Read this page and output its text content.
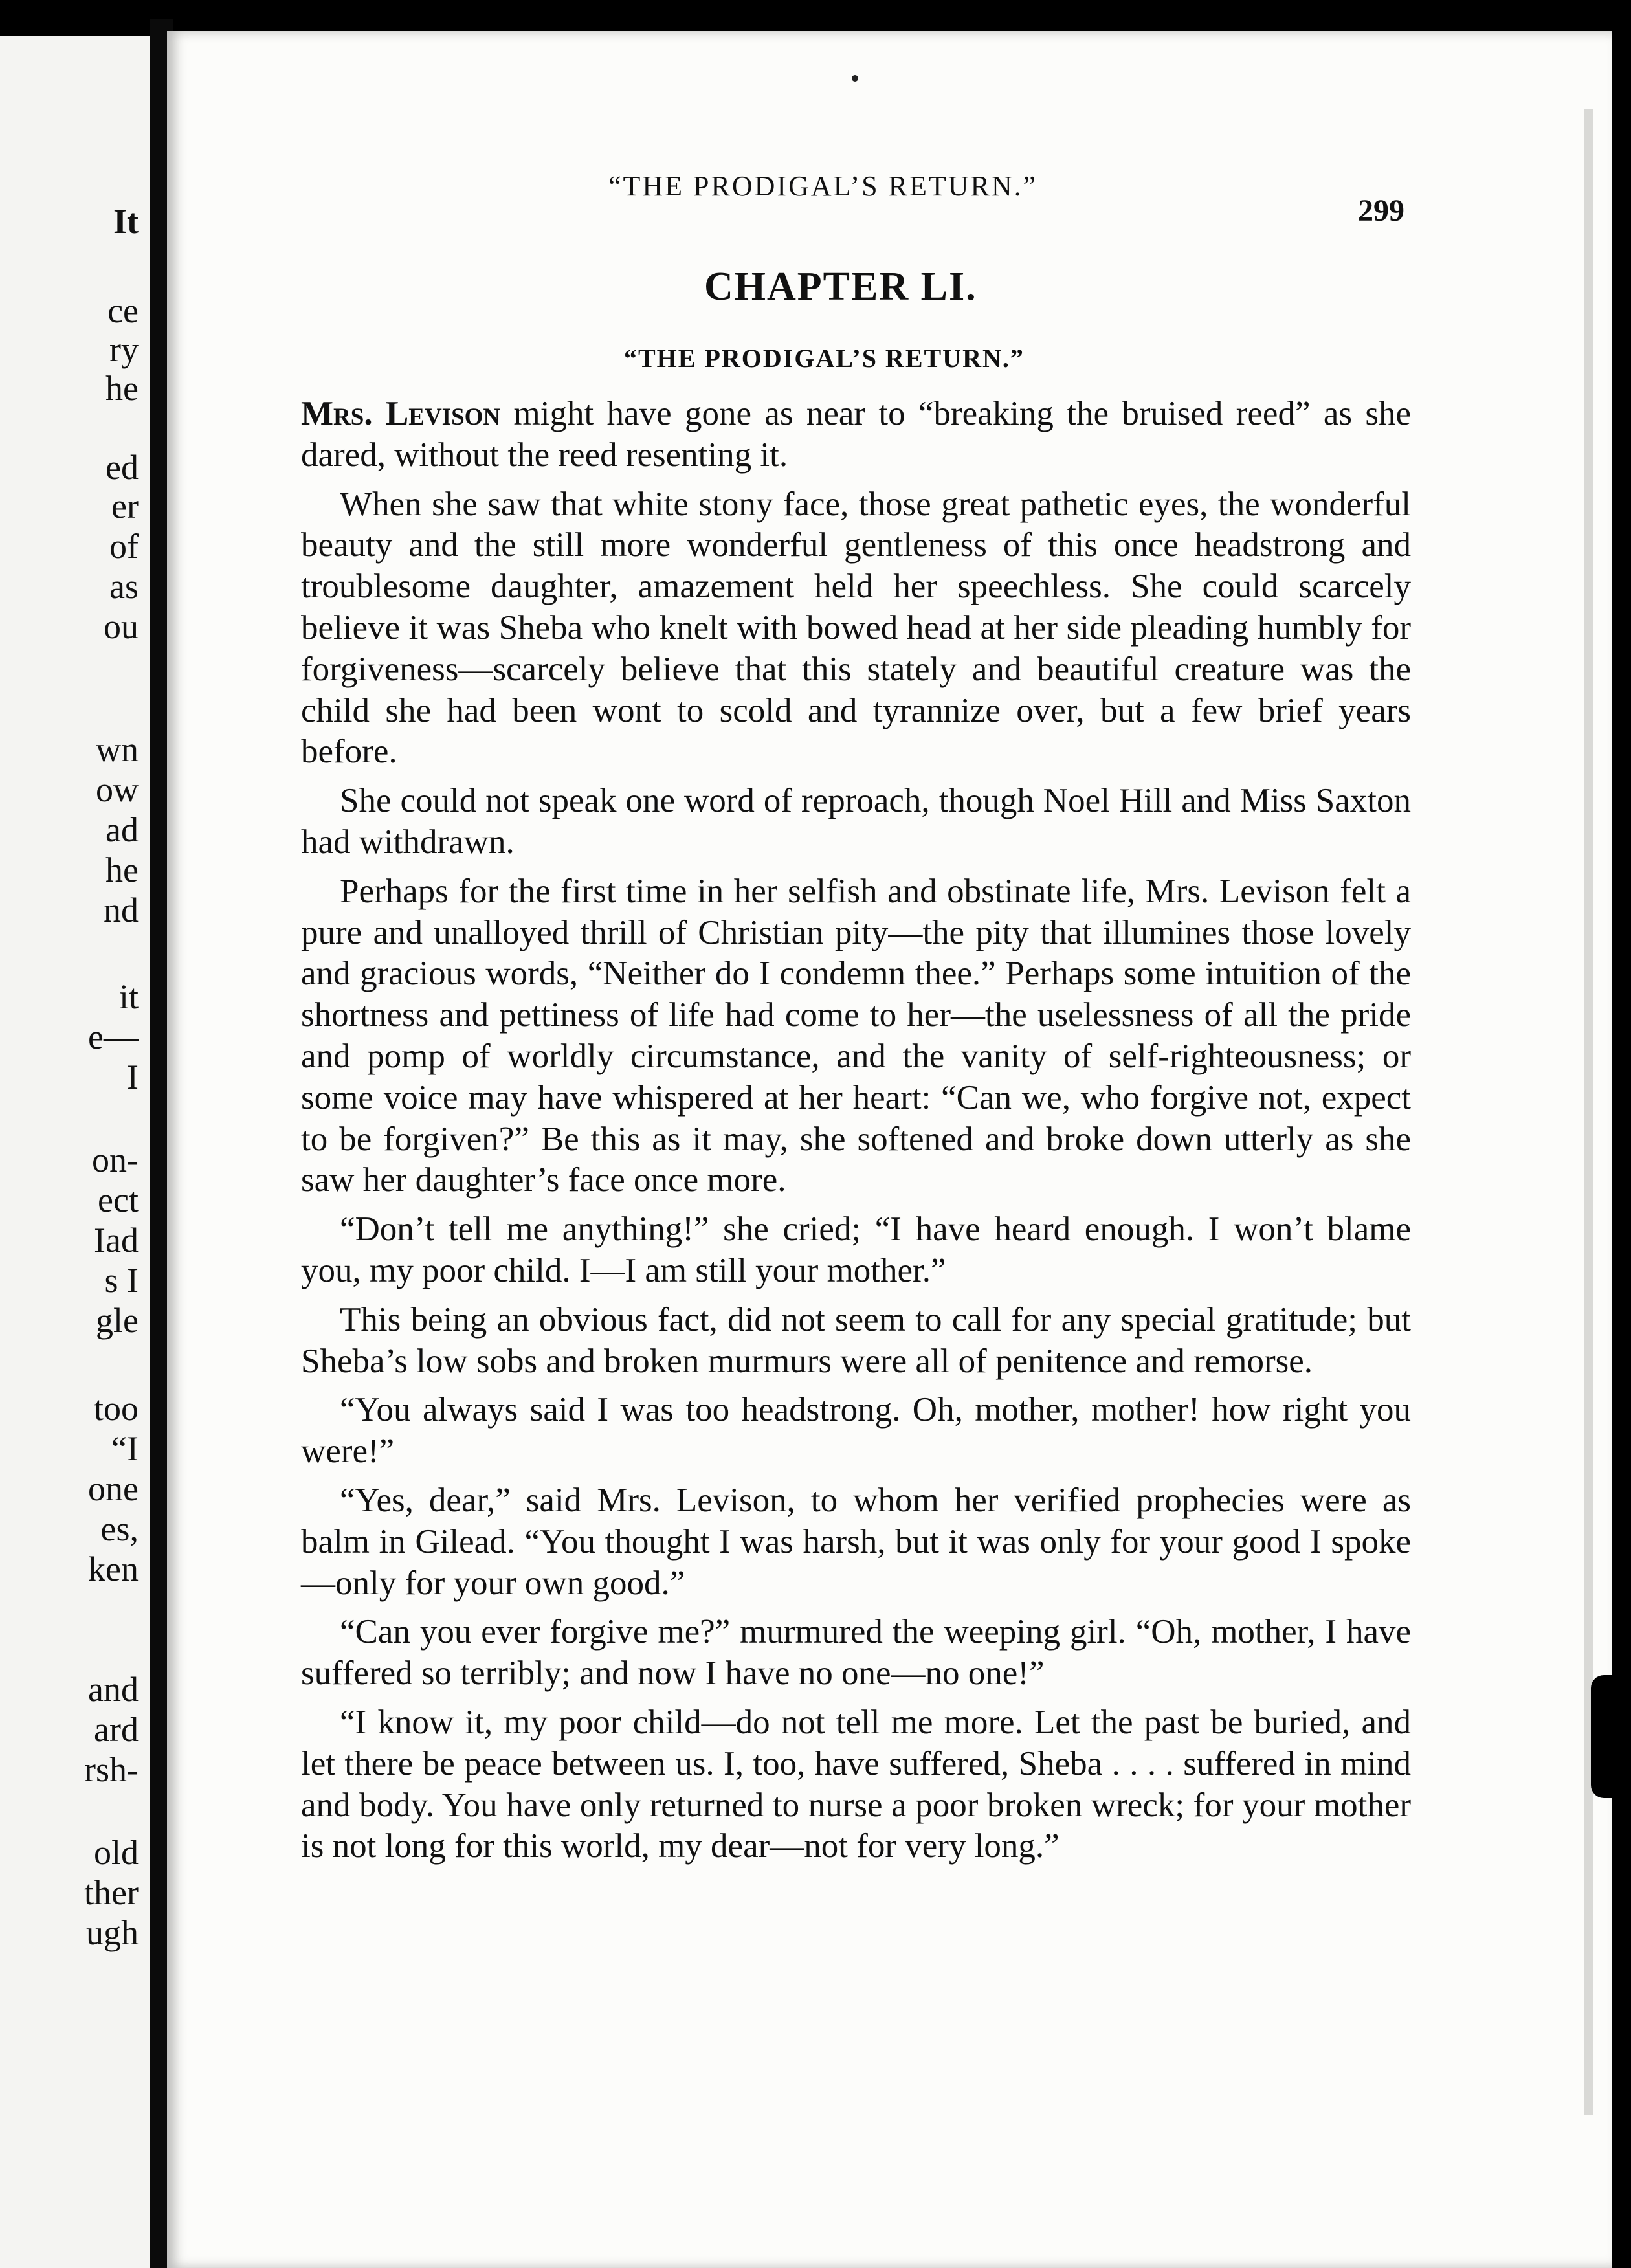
It
ce
ry
he
ed
er
of
as
ou
wn
ow
ad
he
nd
it
e—
I
on-
ect
Iad
s I
gle
too
“I
one
es,
ken
and
ard
rsh-
old
ther
ugh
“THE PRODIGAL’S RETURN.”
299
CHAPTER LI.
“THE PRODIGAL’S RETURN.”

Mrs. Levison might have gone as near to “breaking the bruised reed” as she dared, without the reed resenting it.

When she saw that white stony face, those great pathetic eyes, the wonderful beauty and the still more wonderful gentleness of this once headstrong and troublesome daughter, amazement held her speechless. She could scarcely believe it was Sheba who knelt with bowed head at her side pleading humbly for forgiveness—scarcely believe that this stately and beautiful creature was the child she had been wont to scold and tyrannize over, but a few brief years before.

She could not speak one word of reproach, though Noel Hill and Miss Saxton had withdrawn.

Perhaps for the first time in her selfish and obstinate life, Mrs. Levison felt a pure and unalloyed thrill of Christian pity—the pity that illumines those lovely and gracious words, “Neither do I condemn thee.” Perhaps some intuition of the shortness and pettiness of life had come to her—the uselessness of all the pride and pomp of worldly circumstance, and the vanity of self-righteousness; or some voice may have whispered at her heart: “Can we, who forgive not, expect to be forgiven?” Be this as it may, she softened and broke down utterly as she saw her daughter’s face once more.

“Don’t tell me anything!” she cried; “I have heard enough. I won’t blame you, my poor child. I—I am still your mother.”

This being an obvious fact, did not seem to call for any special gratitude; but Sheba’s low sobs and broken murmurs were all of penitence and remorse.

“You always said I was too headstrong. Oh, mother, mother! how right you were!”

“Yes, dear,” said Mrs. Levison, to whom her verified prophecies were as balm in Gilead. “You thought I was harsh, but it was only for your good I spoke—only for your own good.”

“Can you ever forgive me?” murmured the weeping girl. “Oh, mother, I have suffered so terribly; and now I have no one—no one!”

“I know it, my poor child—do not tell me more. Let the past be buried, and let there be peace between us. I, too, have suffered, Sheba . . . . suffered in mind and body. You have only returned to nurse a poor broken wreck; for your mother is not long for this world, my dear—not for very long.”
